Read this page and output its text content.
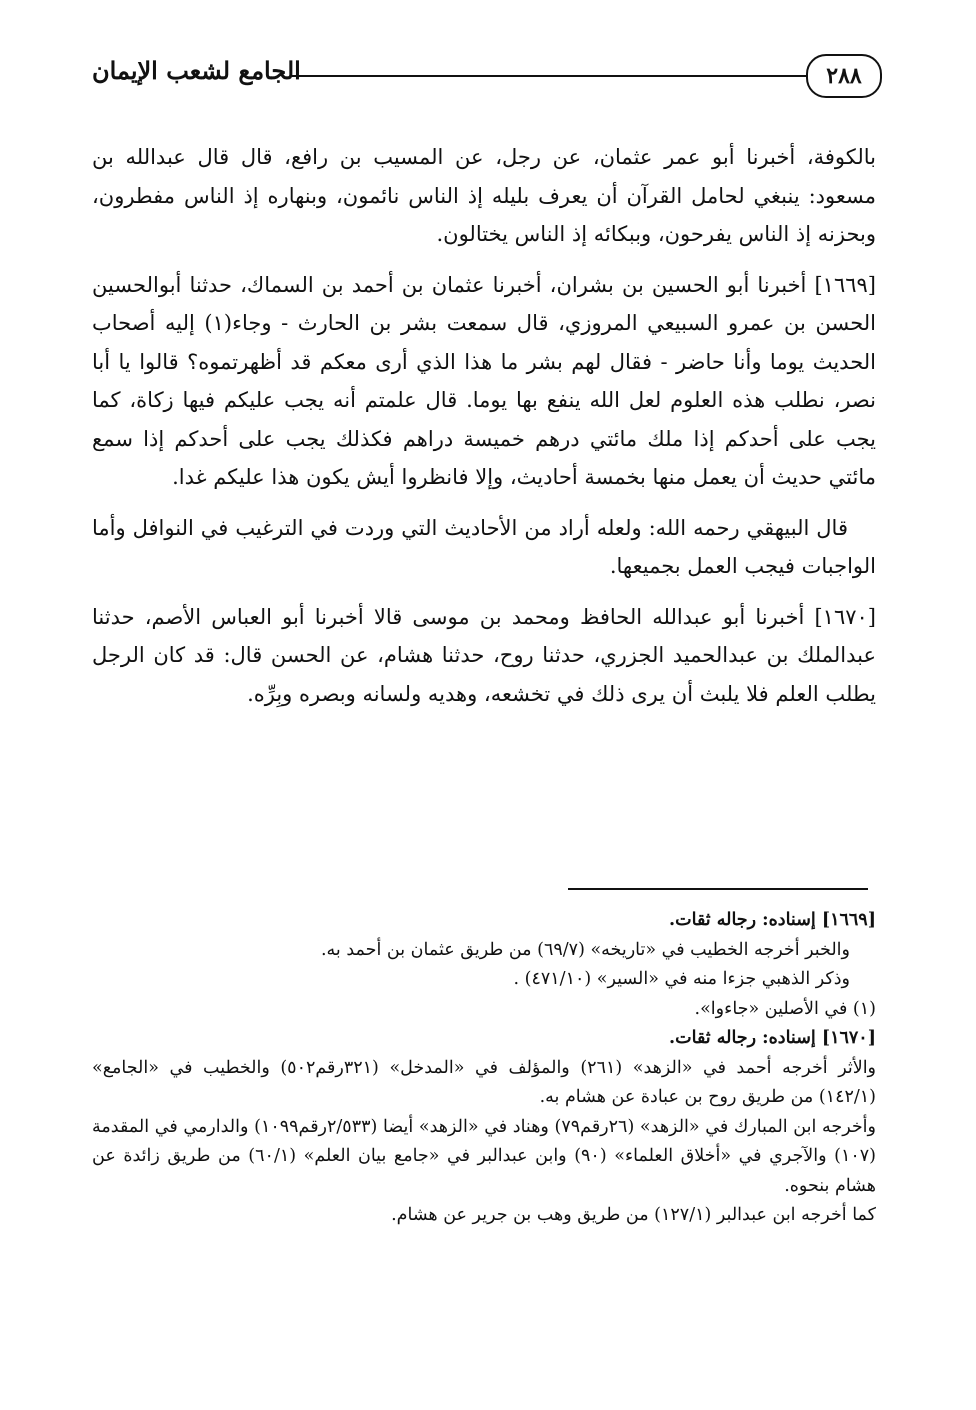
٢٨٨
الجامع لشعب الإيمان

بالكوفة، أخبرنا أبو عمر عثمان، عن رجل، عن المسيب بن رافع، قال قال عبدالله بن مسعود: ينبغي لحامل القرآن أن يعرف بليله إذ الناس نائمون، وبنهاره إذ الناس مفطرون، وبحزنه إذ الناس يفرحون، وببكائه إذ الناس يختالون.

[١٦٦٩] أخبرنا أبو الحسين بن بشران، أخبرنا عثمان بن أحمد بن السماك، حدثنا أبوالحسين الحسن بن عمرو السبيعي المروزي، قال سمعت بشر بن الحارث - وجاء(١) إليه أصحاب الحديث يوما وأنا حاضر - فقال لهم بشر ما هذا الذي أرى معكم قد أظهرتموه؟ قالوا يا أبا نصر، نطلب هذه العلوم لعل الله ينفع بها يوما. قال علمتم أنه يجب عليكم فيها زكاة، كما يجب على أحدكم إذا ملك مائتي درهم خميسة دراهم فكذلك يجب على أحدكم إذا سمع مائتي حديث أن يعمل منها بخمسة أحاديث، وإلا فانظروا أيش يكون هذا عليكم غدا.

قال البيهقي رحمه الله: ولعله أراد من الأحاديث التي وردت في الترغيب في النوافل وأما الواجبات فيجب العمل بجميعها.

[١٦٧٠] أخبرنا أبو عبدالله الحافظ ومحمد بن موسى قالا أخبرنا أبو العباس الأصم، حدثنا عبدالملك بن عبدالحميد الجزري، حدثنا روح، حدثنا هشام، عن الحسن قال: قد كان الرجل يطلب العلم فلا يلبث أن يرى ذلك في تخشعه، وهديه ولسانه وبصره وبِرِّه.

[١٦٦٩] إسناده: رجاله ثقات.

والخبر أخرجه الخطيب في «تاريخه» (٦٩/٧) من طريق عثمان بن أحمد به.

وذكر الذهبي جزءا منه في «السير» (٤٧١/١٠) .

(١) في الأصلين «جاءوا».

[١٦٧٠] إسناده: رجاله ثقات.

والأثر أخرجه أحمد في «الزهد» (٢٦١) والمؤلف في «المدخل» (٣٢١رقم٥٠٢) والخطيب في «الجامع» (١٤٢/١) من طريق روح بن عبادة عن هشام به.

وأخرجه ابن المبارك في «الزهد» (٢٦رقم٧٩) وهناد في «الزهد» أيضا (٢/٥٣٣رقم١٠٩٩) والدارمي في المقدمة (١٠٧) والآجري في «أخلاق العلماء» (٩٠) وابن عبدالبر في «جامع بيان العلم» (٦٠/١) من طريق زائدة عن هشام بنحوه.

كما أخرجه ابن عبدالبر (١٢٧/١) من طريق وهب بن جرير عن هشام.
